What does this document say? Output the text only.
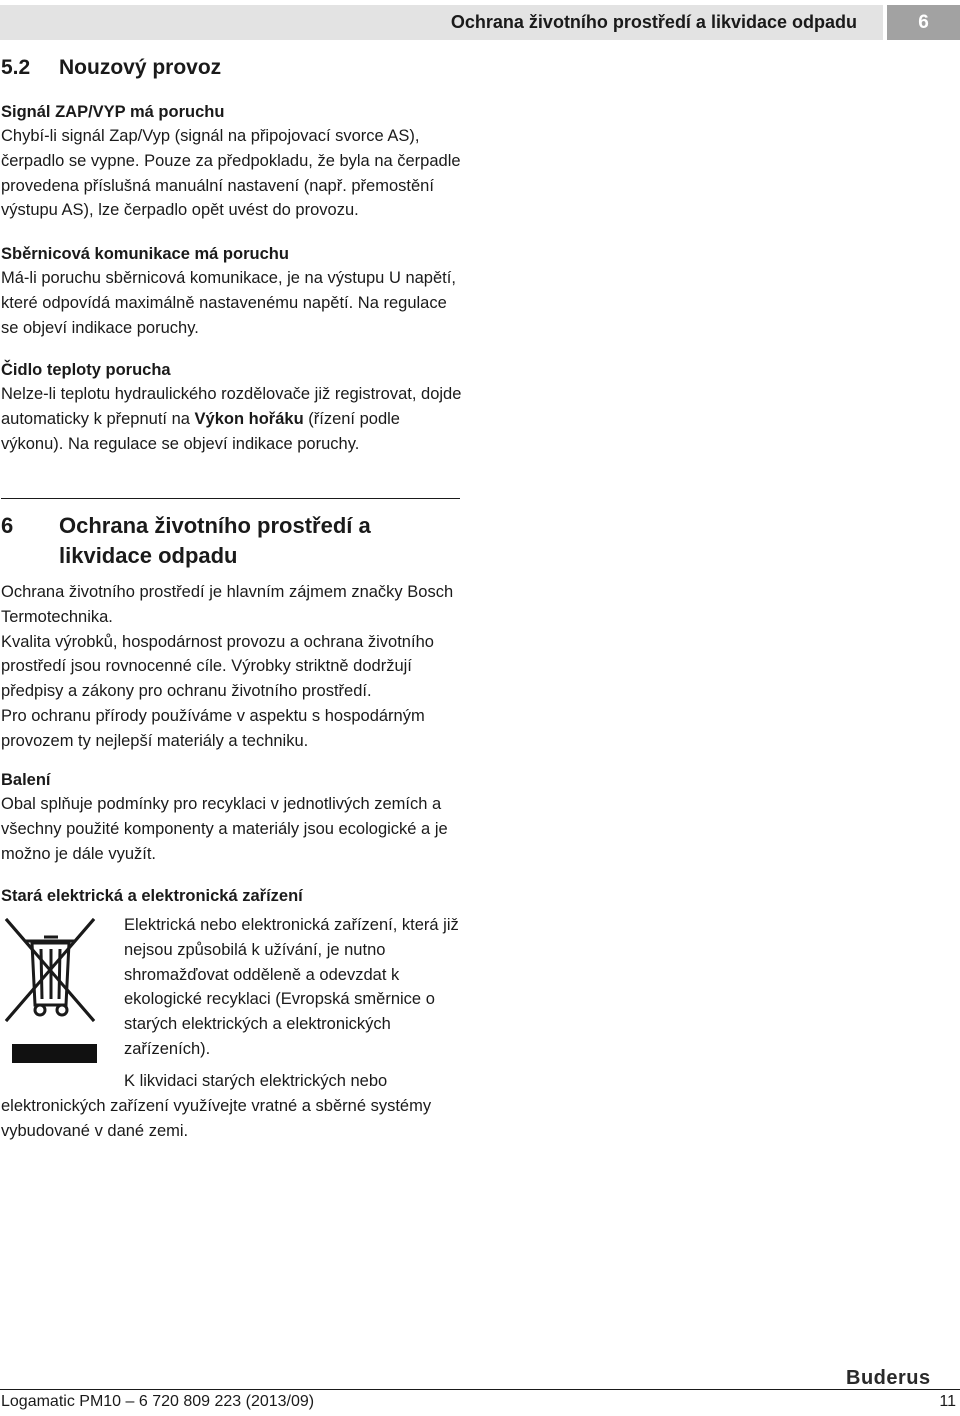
Ochrana životního prostředí a likvidace odpadu	6
5.2 Nouzový provoz
Signál ZAP/VYP má poruchu
Chybí-li signál Zap/Vyp (signál na připojovací svorce AS), čerpadlo se vypne. Pouze za předpokladu, že byla na čerpadle provedena příslušná manuální nastavení (např. přemostění výstupu AS), lze čerpadlo opět uvést do provozu.
Sběrnicová komunikace má poruchu
Má-li poruchu sběrnicová komunikace, je na výstupu U napětí, které odpovídá maximálně nastavenému napětí. Na regulace se objeví indikace poruchy.
Čidlo teploty porucha
Nelze-li teplotu hydraulického rozdělovače již registrovat, dojde automaticky k přepnutí na Výkon hořáku (řízení podle výkonu). Na regulace se objeví indikace poruchy.
6 Ochrana životního prostředí a likvidace odpadu
Ochrana životního prostředí je hlavním zájmem značky Bosch Termotechnika.
Kvalita výrobků, hospodárnost provozu a ochrana životního prostředí jsou rovnocenné cíle. Výrobky striktně dodržují předpisy a zákony pro ochranu životního prostředí.
Pro ochranu přírody používáme v aspektu s hospodárným provozem ty nejlepší materiály a techniku.
Balení
Obal splňuje podmínky pro recyklaci v jednotlivých zemích a všechny použité komponenty a materiály jsou ecologické a je možno je dále využít.
Stará elektrická a elektronická zařízení
Elektrická nebo elektronická zařízení, která již nejsou způsobilá k užívání, je nutno shromažďovat odděleně a odevzdat k ekologické recyklaci (Evropská směrnice o starých elektrických a elektronických zařízeních).
K likvidaci starých elektrických nebo elektronických zařízení využívejte vratné a sběrné systémy vybudované v dané zemi.
Buderus
Logamatic PM10 – 6 720 809 223 (2013/09)	11
